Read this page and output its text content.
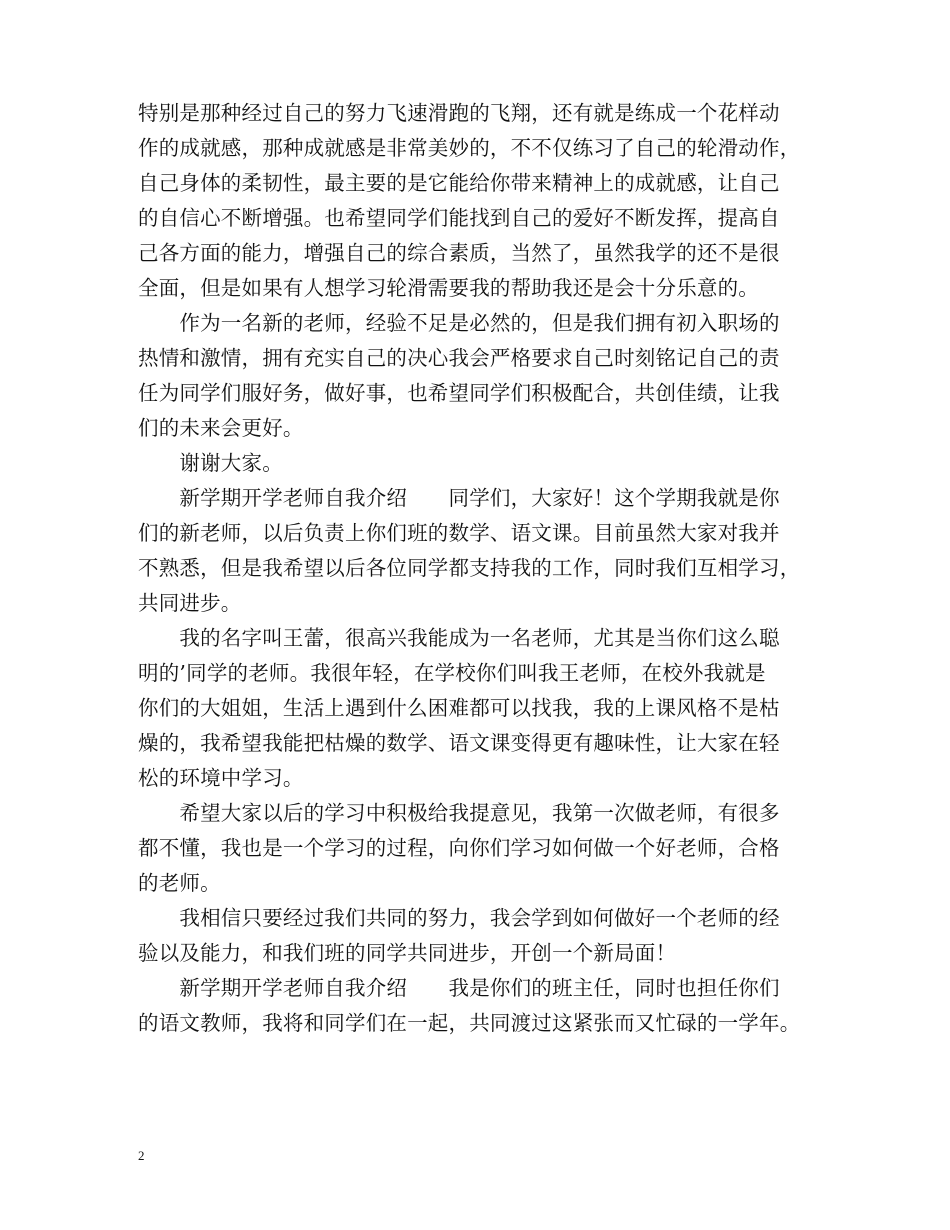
特别是那种经过自己的努力飞速滑跑的飞翔，还有就是练成一个花样动
作的成就感，那种成就感是非常美妙的，不不仅练习了自己的轮滑动作，
自己身体的柔韧性，最主要的是它能给你带来精神上的成就感，让自己
的自信心不断增强。也希望同学们能找到自己的爱好不断发挥，提高自
己各方面的能力，增强自己的综合素质，当然了，虽然我学的还不是很
全面，但是如果有人想学习轮滑需要我的帮助我还是会十分乐意的。
　　作为一名新的老师，经验不足是必然的，但是我们拥有初入职场的
热情和激情，拥有充实自己的决心我会严格要求自己时刻铭记自己的责
任为同学们服好务，做好事，也希望同学们积极配合，共创佳绩，让我
们的未来会更好。
　　谢谢大家。
　　新学期开学老师自我介绍　　同学们，大家好！这个学期我就是你
们的新老师，以后负责上你们班的数学、语文课。目前虽然大家对我并
不熟悉，但是我希望以后各位同学都支持我的工作，同时我们互相学习，
共同进步。
　　我的名字叫王蕾，很高兴我能成为一名老师，尤其是当你们这么聪
明的’同学的老师。我很年轻，在学校你们叫我王老师，在校外我就是
你们的大姐姐，生活上遇到什么困难都可以找我，我的上课风格不是枯
燥的，我希望我能把枯燥的数学、语文课变得更有趣味性，让大家在轻
松的环境中学习。
　　希望大家以后的学习中积极给我提意见，我第一次做老师，有很多
都不懂，我也是一个学习的过程，向你们学习如何做一个好老师，合格
的老师。
　　我相信只要经过我们共同的努力，我会学到如何做好一个老师的经
验以及能力，和我们班的同学共同进步，开创一个新局面！
　　新学期开学老师自我介绍　　我是你们的班主任，同时也担任你们
的语文教师，我将和同学们在一起，共同渡过这紧张而又忙碌的一学年。
2
